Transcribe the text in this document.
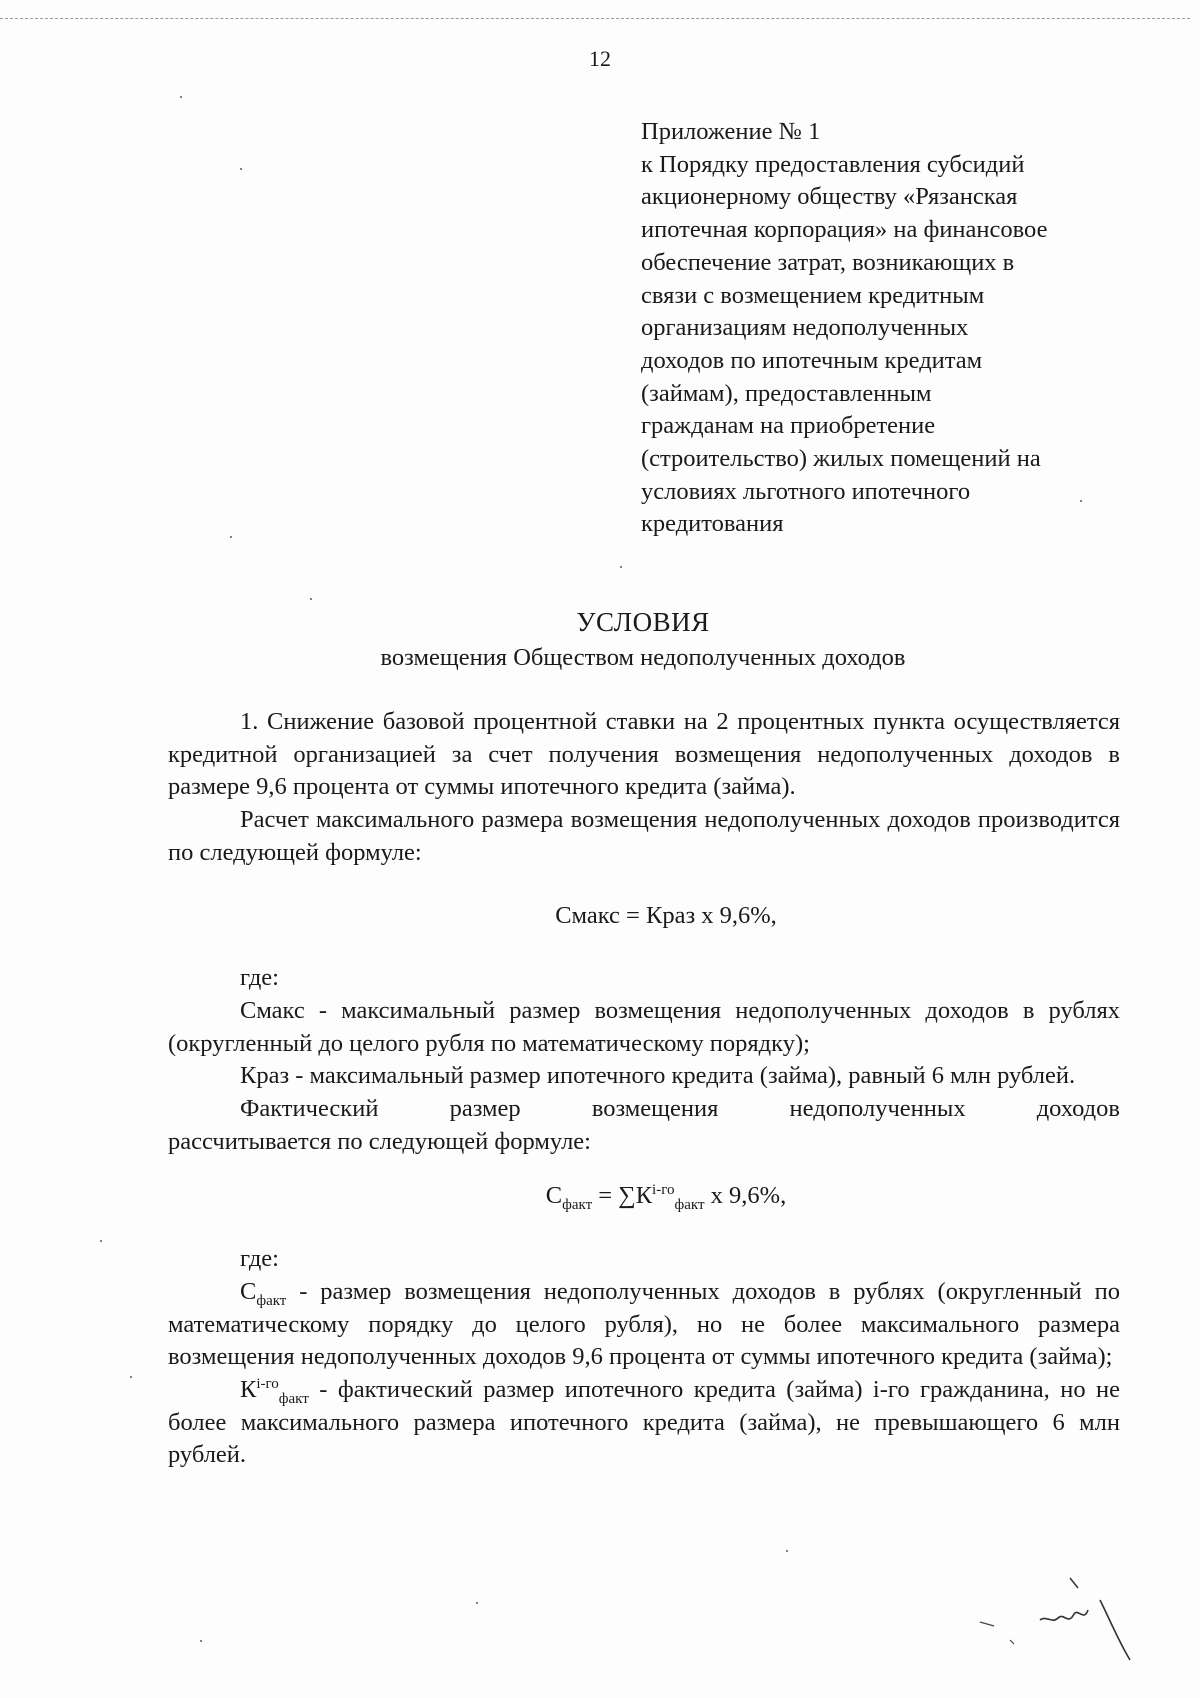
12
Приложение № 1
к Порядку предоставления субсидий
акционерному обществу «Рязанская
ипотечная корпорация» на финансовое
обеспечение затрат, возникающих в
связи с возмещением кредитным
организациям недополученных
доходов по ипотечным кредитам
(займам), предоставленным
гражданам на приобретение
(строительство) жилых помещений на
условиях льготного ипотечного
кредитования
УСЛОВИЯ
возмещения Обществом недополученных доходов

1. Снижение базовой процентной ставки на 2 процентных пункта осуществляется кредитной организацией за счет получения возмещения недополученных доходов в размере 9,6 процента от суммы ипотечного кредита (займа).

Расчет максимального размера возмещения недополученных доходов производится по следующей формуле:

Смакс = Краз х 9,6%,

где:

Смакс - максимальный размер возмещения недополученных доходов в рублях (округленный до целого рубля по математическому порядку);

Краз - максимальный размер ипотечного кредита (займа), равный 6 млн рублей.

Фактический	размер	возмещения	недополученных	доходов

рассчитывается по следующей формуле:

$С_{факт} = \sum К^{i-го}_{факт}$ х 9,6%,

где:

$С_{факт}$ - размер возмещения недополученных доходов в рублях (округленный по математическому порядку до целого рубля), но не более максимального размера возмещения недополученных доходов 9,6 процента от суммы ипотечного кредита (займа);

$К^{i-го}_{факт}$ - фактический размер ипотечного кредита (займа) i-го гражданина, но не более максимального размера ипотечного кредита (займа), не превышающего 6 млн рублей.
